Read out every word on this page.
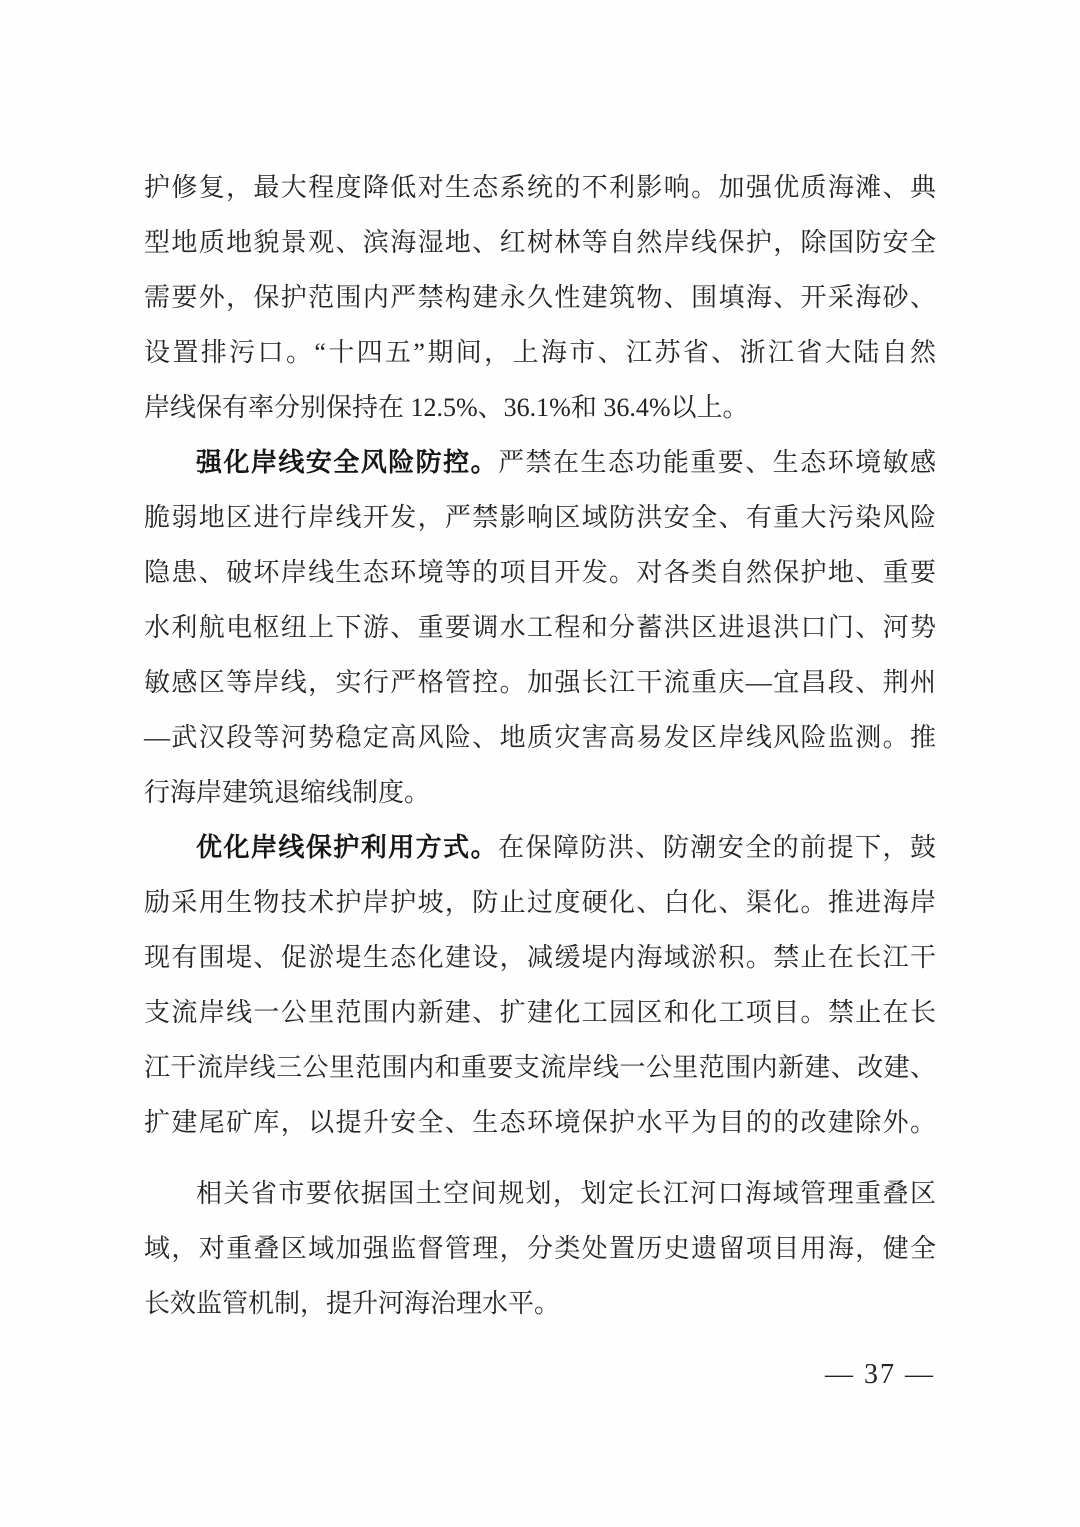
护修复，最大程度降低对生态系统的不利影响。加强优质海滩、典
型地质地貌景观、滨海湿地、红树林等自然岸线保护，除国防安全
需要外，保护范围内严禁构建永久性建筑物、围填海、开采海砂、
设置排污口。“十四五”期间，上海市、江苏省、浙江省大陆自然
岸线保有率分别保持在 12.5%、36.1%和 36.4%以上。
强化岸线安全风险防控。严禁在生态功能重要、生态环境敏感
脆弱地区进行岸线开发，严禁影响区域防洪安全、有重大污染风险
隐患、破坏岸线生态环境等的项目开发。对各类自然保护地、重要
水利航电枢纽上下游、重要调水工程和分蓄洪区进退洪口门、河势
敏感区等岸线，实行严格管控。加强长江干流重庆—宜昌段、荆州
—武汉段等河势稳定高风险、地质灾害高易发区岸线风险监测。推
行海岸建筑退缩线制度。
优化岸线保护利用方式。在保障防洪、防潮安全的前提下，鼓
励采用生物技术护岸护坡，防止过度硬化、白化、渠化。推进海岸
现有围堤、促淤堤生态化建设，减缓堤内海域淤积。禁止在长江干
支流岸线一公里范围内新建、扩建化工园区和化工项目。禁止在长
江干流岸线三公里范围内和重要支流岸线一公里范围内新建、改建、
扩建尾矿库，以提升安全、生态环境保护水平为目的的改建除外。
相关省市要依据国土空间规划，划定长江河口海域管理重叠区
域，对重叠区域加强监督管理，分类处置历史遗留项目用海，健全
长效监管机制，提升河海治理水平。
— 37 —
